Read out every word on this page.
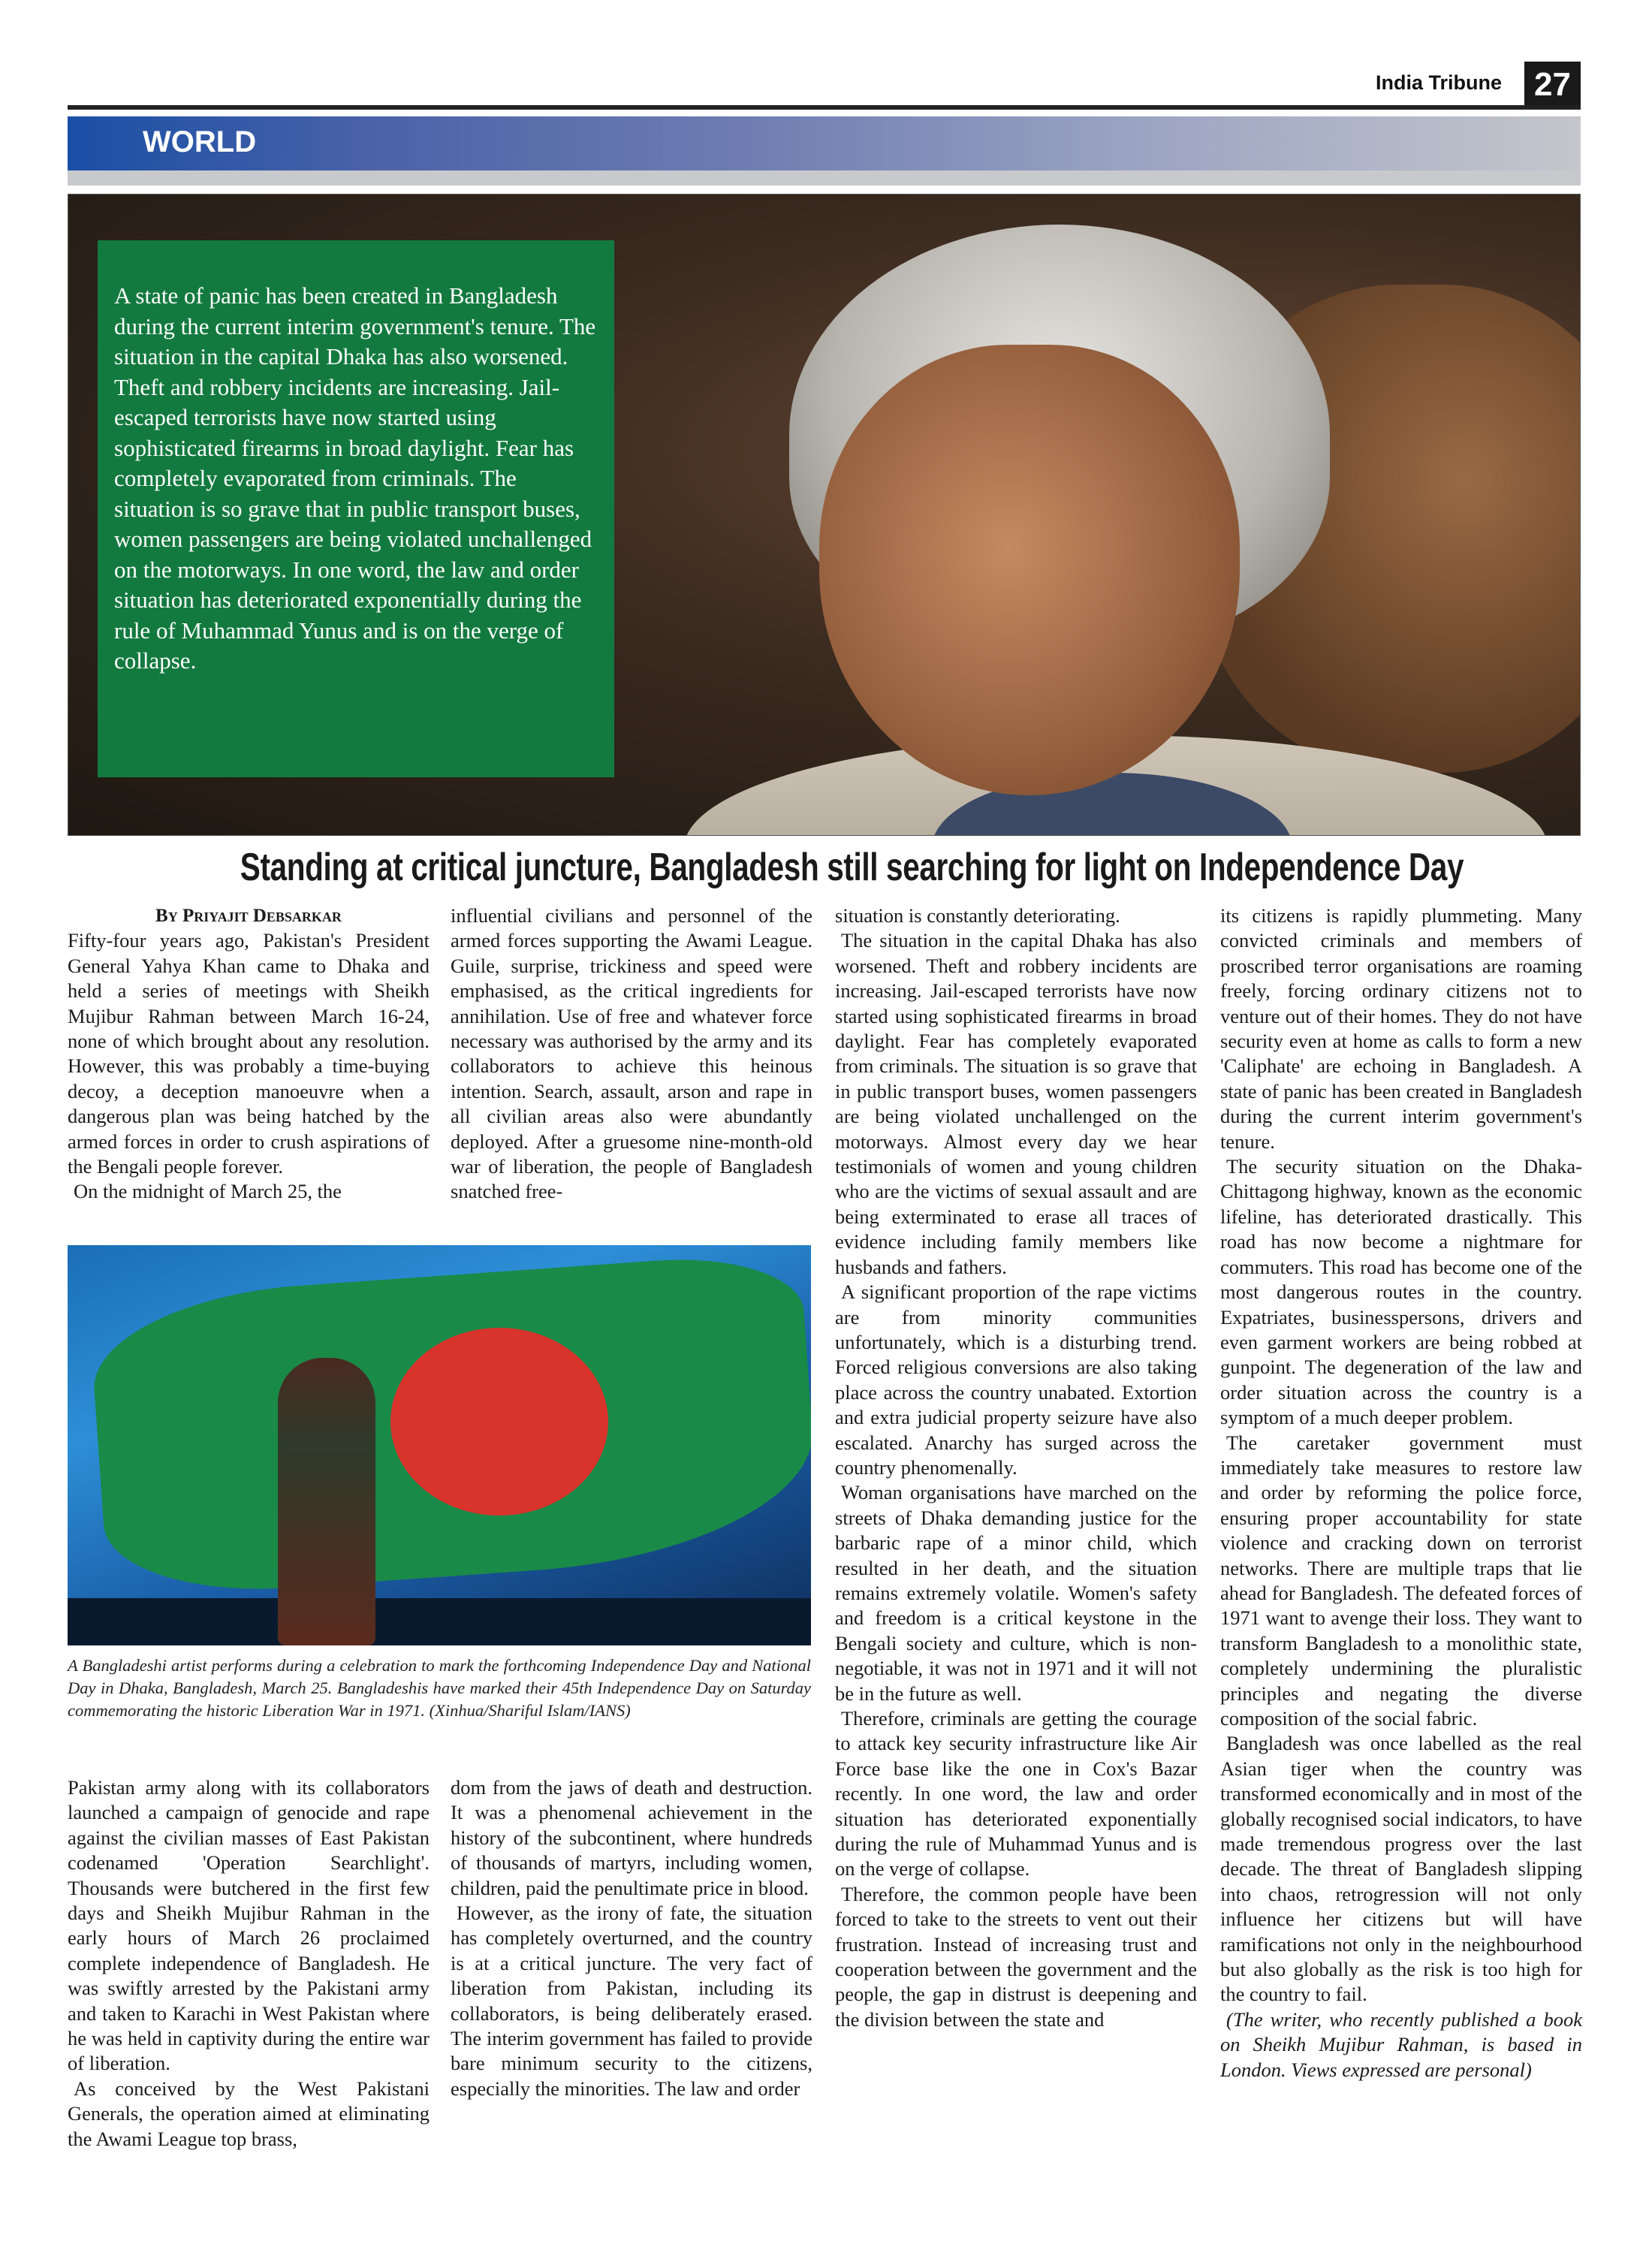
India Tribune 27
WORLD
A state of panic has been created in Bangladesh during the current interim government's tenure. The situation in the capital Dhaka has also worsened. Theft and robbery incidents are increasing. Jail-escaped terrorists have now started using sophisticated firearms in broad daylight. Fear has completely evaporated from criminals. The situation is so grave that in public transport buses, women passengers are being violated unchallenged on the motorways. In one word, the law and order situation has deteriorated exponentially during the rule of Muhammad Yunus and is on the verge of collapse.
Standing at critical juncture, Bangladesh still searching for light on Independence Day
By Priyajit Debsarkar

Fifty-four years ago, Pakistan's President General Yahya Khan came to Dhaka and held a series of meetings with Sheikh Mujibur Rahman between March 16-24, none of which brought about any resolution. However, this was probably a time-buying decoy, a deception manoeuvre when a dangerous plan was being hatched by the armed forces in order to crush aspirations of the Bengali people forever.

On the midnight of March 25, the

influential civilians and personnel of the armed forces supporting the Awami League. Guile, surprise, trickiness and speed were emphasised, as the critical ingredients for annihilation. Use of free and whatever force necessary was authorised by the army and its collaborators to achieve this heinous intention. Search, assault, arson and rape in all civilian areas also were abundantly deployed. After a gruesome nine-month-old war of liberation, the people of Bangladesh snatched free-

A Bangladeshi artist performs during a celebration to mark the forthcoming Independence Day and National Day in Dhaka, Bangladesh, March 25. Bangladeshis have marked their 45th Independence Day on Saturday commemorating the historic Liberation War in 1971. (Xinhua/Shariful Islam/IANS)

Pakistan army along with its collaborators launched a campaign of genocide and rape against the civilian masses of East Pakistan codenamed 'Operation Searchlight'. Thousands were butchered in the first few days and Sheikh Mujibur Rahman in the early hours of March 26 proclaimed complete independence of Bangladesh. He was swiftly arrested by the Pakistani army and taken to Karachi in West Pakistan where he was held in captivity during the entire war of liberation.

As conceived by the West Pakistani Generals, the operation aimed at eliminating the Awami League top brass,

dom from the jaws of death and destruction. It was a phenomenal achievement in the history of the subcontinent, where hundreds of thousands of martyrs, including women, children, paid the penultimate price in blood.

However, as the irony of fate, the situation has completely overturned, and the country is at a critical juncture. The very fact of liberation from Pakistan, including its collaborators, is being deliberately erased. The interim government has failed to provide bare minimum security to the citizens, especially the minorities. The law and order

situation is constantly deteriorating.

The situation in the capital Dhaka has also worsened. Theft and robbery incidents are increasing. Jail-escaped terrorists have now started using sophisticated firearms in broad daylight. Fear has completely evaporated from criminals. The situation is so grave that in public transport buses, women passengers are being violated unchallenged on the motorways. Almost every day we hear testimonials of women and young children who are the victims of sexual assault and are being exterminated to erase all traces of evidence including family members like husbands and fathers.

A significant proportion of the rape victims are from minority communities unfortunately, which is a disturbing trend. Forced religious conversions are also taking place across the country unabated. Extortion and extra judicial property seizure have also escalated. Anarchy has surged across the country phenomenally.

Woman organisations have marched on the streets of Dhaka demanding justice for the barbaric rape of a minor child, which resulted in her death, and the situation remains extremely volatile. Women's safety and freedom is a critical keystone in the Bengali society and culture, which is non-negotiable, it was not in 1971 and it will not be in the future as well.

Therefore, criminals are getting the courage to attack key security infrastructure like Air Force base like the one in Cox's Bazar recently. In one word, the law and order situation has deteriorated exponentially during the rule of Muhammad Yunus and is on the verge of collapse.

Therefore, the common people have been forced to take to the streets to vent out their frustration. Instead of increasing trust and cooperation between the government and the people, the gap in distrust is deepening and the division between the state and

its citizens is rapidly plummeting. Many convicted criminals and members of proscribed terror organisations are roaming freely, forcing ordinary citizens not to venture out of their homes. They do not have security even at home as calls to form a new 'Caliphate' are echoing in Bangladesh. A state of panic has been created in Bangladesh during the current interim government's tenure.

The security situation on the Dhaka-Chittagong highway, known as the economic lifeline, has deteriorated drastically. This road has now become a nightmare for commuters. This road has become one of the most dangerous routes in the country. Expatriates, businesspersons, drivers and even garment workers are being robbed at gunpoint. The degeneration of the law and order situation across the country is a symptom of a much deeper problem.

The caretaker government must immediately take measures to restore law and order by reforming the police force, ensuring proper accountability for state violence and cracking down on terrorist networks. There are multiple traps that lie ahead for Bangladesh. The defeated forces of 1971 want to avenge their loss. They want to transform Bangladesh to a monolithic state, completely undermining the pluralistic principles and negating the diverse composition of the social fabric.

Bangladesh was once labelled as the real Asian tiger when the country was transformed economically and in most of the globally recognised social indicators, to have made tremendous progress over the last decade. The threat of Bangladesh slipping into chaos, retrogression will not only influence her citizens but will have ramifications not only in the neighbourhood but also globally as the risk is too high for the country to fail.

(The writer, who recently published a book on Sheikh Mujibur Rahman, is based in London. Views expressed are personal)
